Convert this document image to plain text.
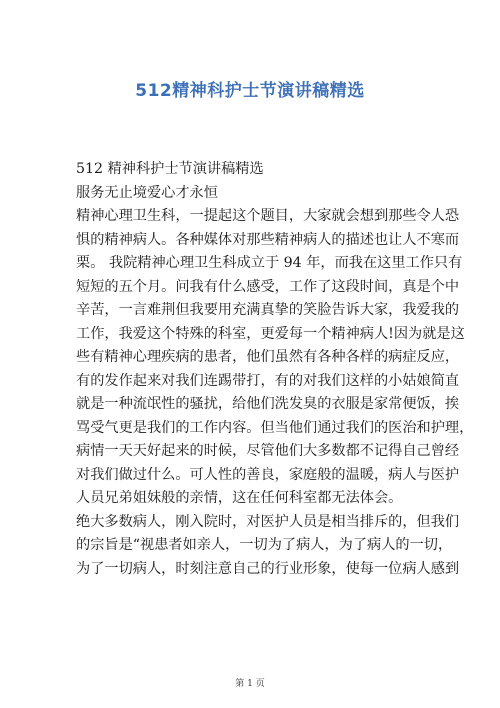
512精神科护士节演讲稿精选

512 精神科护士节演讲稿精选

服务无止境爱心才永恒

精神心理卫生科，一提起这个题目，大家就会想到那些令人恐

惧的精神病人。各种媒体对那些精神病人的描述也让人不寒而

栗。 我院精神心理卫生科成立于 94 年，而我在这里工作只有

短短的五个月。问我有什么感受，工作了这段时间，真是个中

辛苦，一言难荆但我要用充满真挚的笑脸告诉大家，我爱我的

工作，我爱这个特殊的科室，更爱每一个精神病人!因为就是这

些有精神心理疾病的患者，他们虽然有各种各样的病症反应，

有的发作起来对我们连踢带打，有的对我们这样的小姑娘简直

就是一种流氓性的骚扰，给他们洗发臭的衣服是家常便饭，挨

骂受气更是我们的工作内容。但当他们通过我们的医治和护理，

病情一天天好起来的时候，尽管他们大多数都不记得自己曾经

对我们做过什么。可人性的善良，家庭般的温暖，病人与医护

人员兄弟姐妹般的亲情，这在任何科室都无法体会。

绝大多数病人，刚入院时，对医护人员是相当排斥的，但我们

的宗旨是“视患者如亲人，一切为了病人，为了病人的一切，

为了一切病人，时刻注意自己的行业形象，使每一位病人感到

第 1 页
